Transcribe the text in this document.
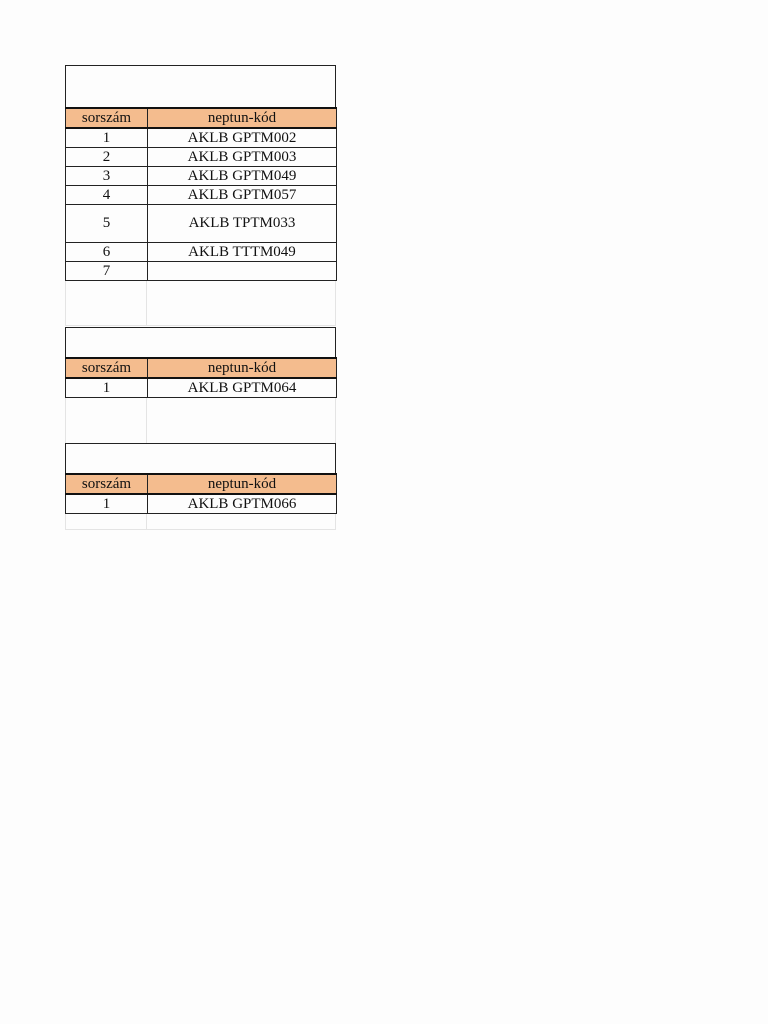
sorszám	neptun-kód
1	AKLB GPTM002
2	AKLB GPTM003
3	AKLB GPTM049
4	AKLB GPTM057
5	AKLB TPTM033
6	AKLB TTTM049
7	
sorszám	neptun-kód
1	AKLB GPTM064
sorszám	neptun-kód
1	AKLB GPTM066
